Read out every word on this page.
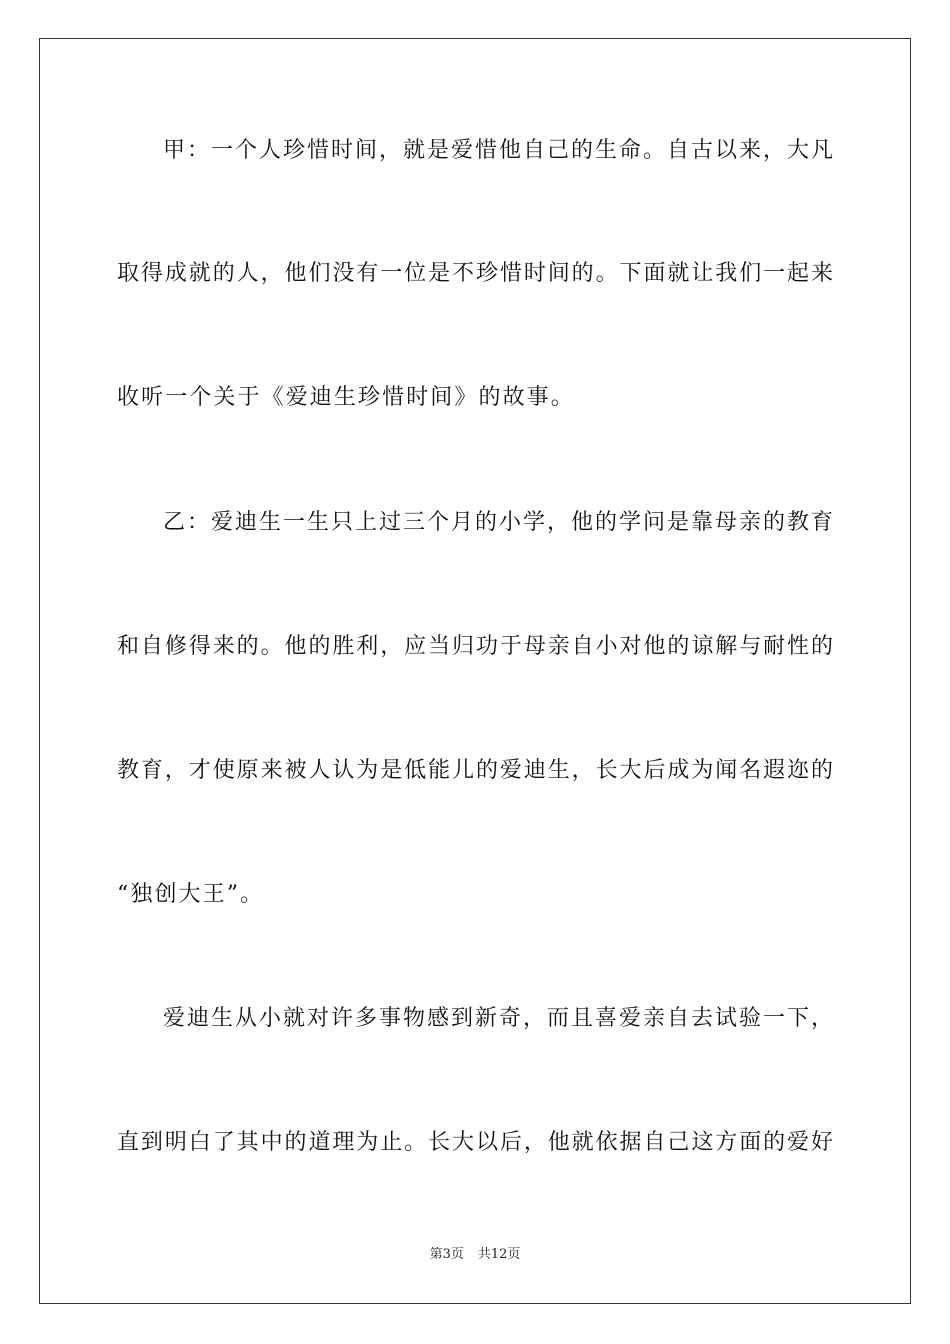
甲：一个人珍惜时间，就是爱惜他自己的生命。自古以来，大凡
取得成就的人，他们没有一位是不珍惜时间的。下面就让我们一起来
收听一个关于《爱迪生珍惜时间》的故事。
乙：爱迪生一生只上过三个月的小学，他的学问是靠母亲的教育
和自修得来的。他的胜利，应当归功于母亲自小对他的谅解与耐性的
教育，才使原来被人认为是低能儿的爱迪生，长大后成为闻名遐迩的
“独创大王”。
爱迪生从小就对许多事物感到新奇，而且喜爱亲自去试验一下，
直到明白了其中的道理为止。长大以后，他就依据自己这方面的爱好
第3页 共12页
